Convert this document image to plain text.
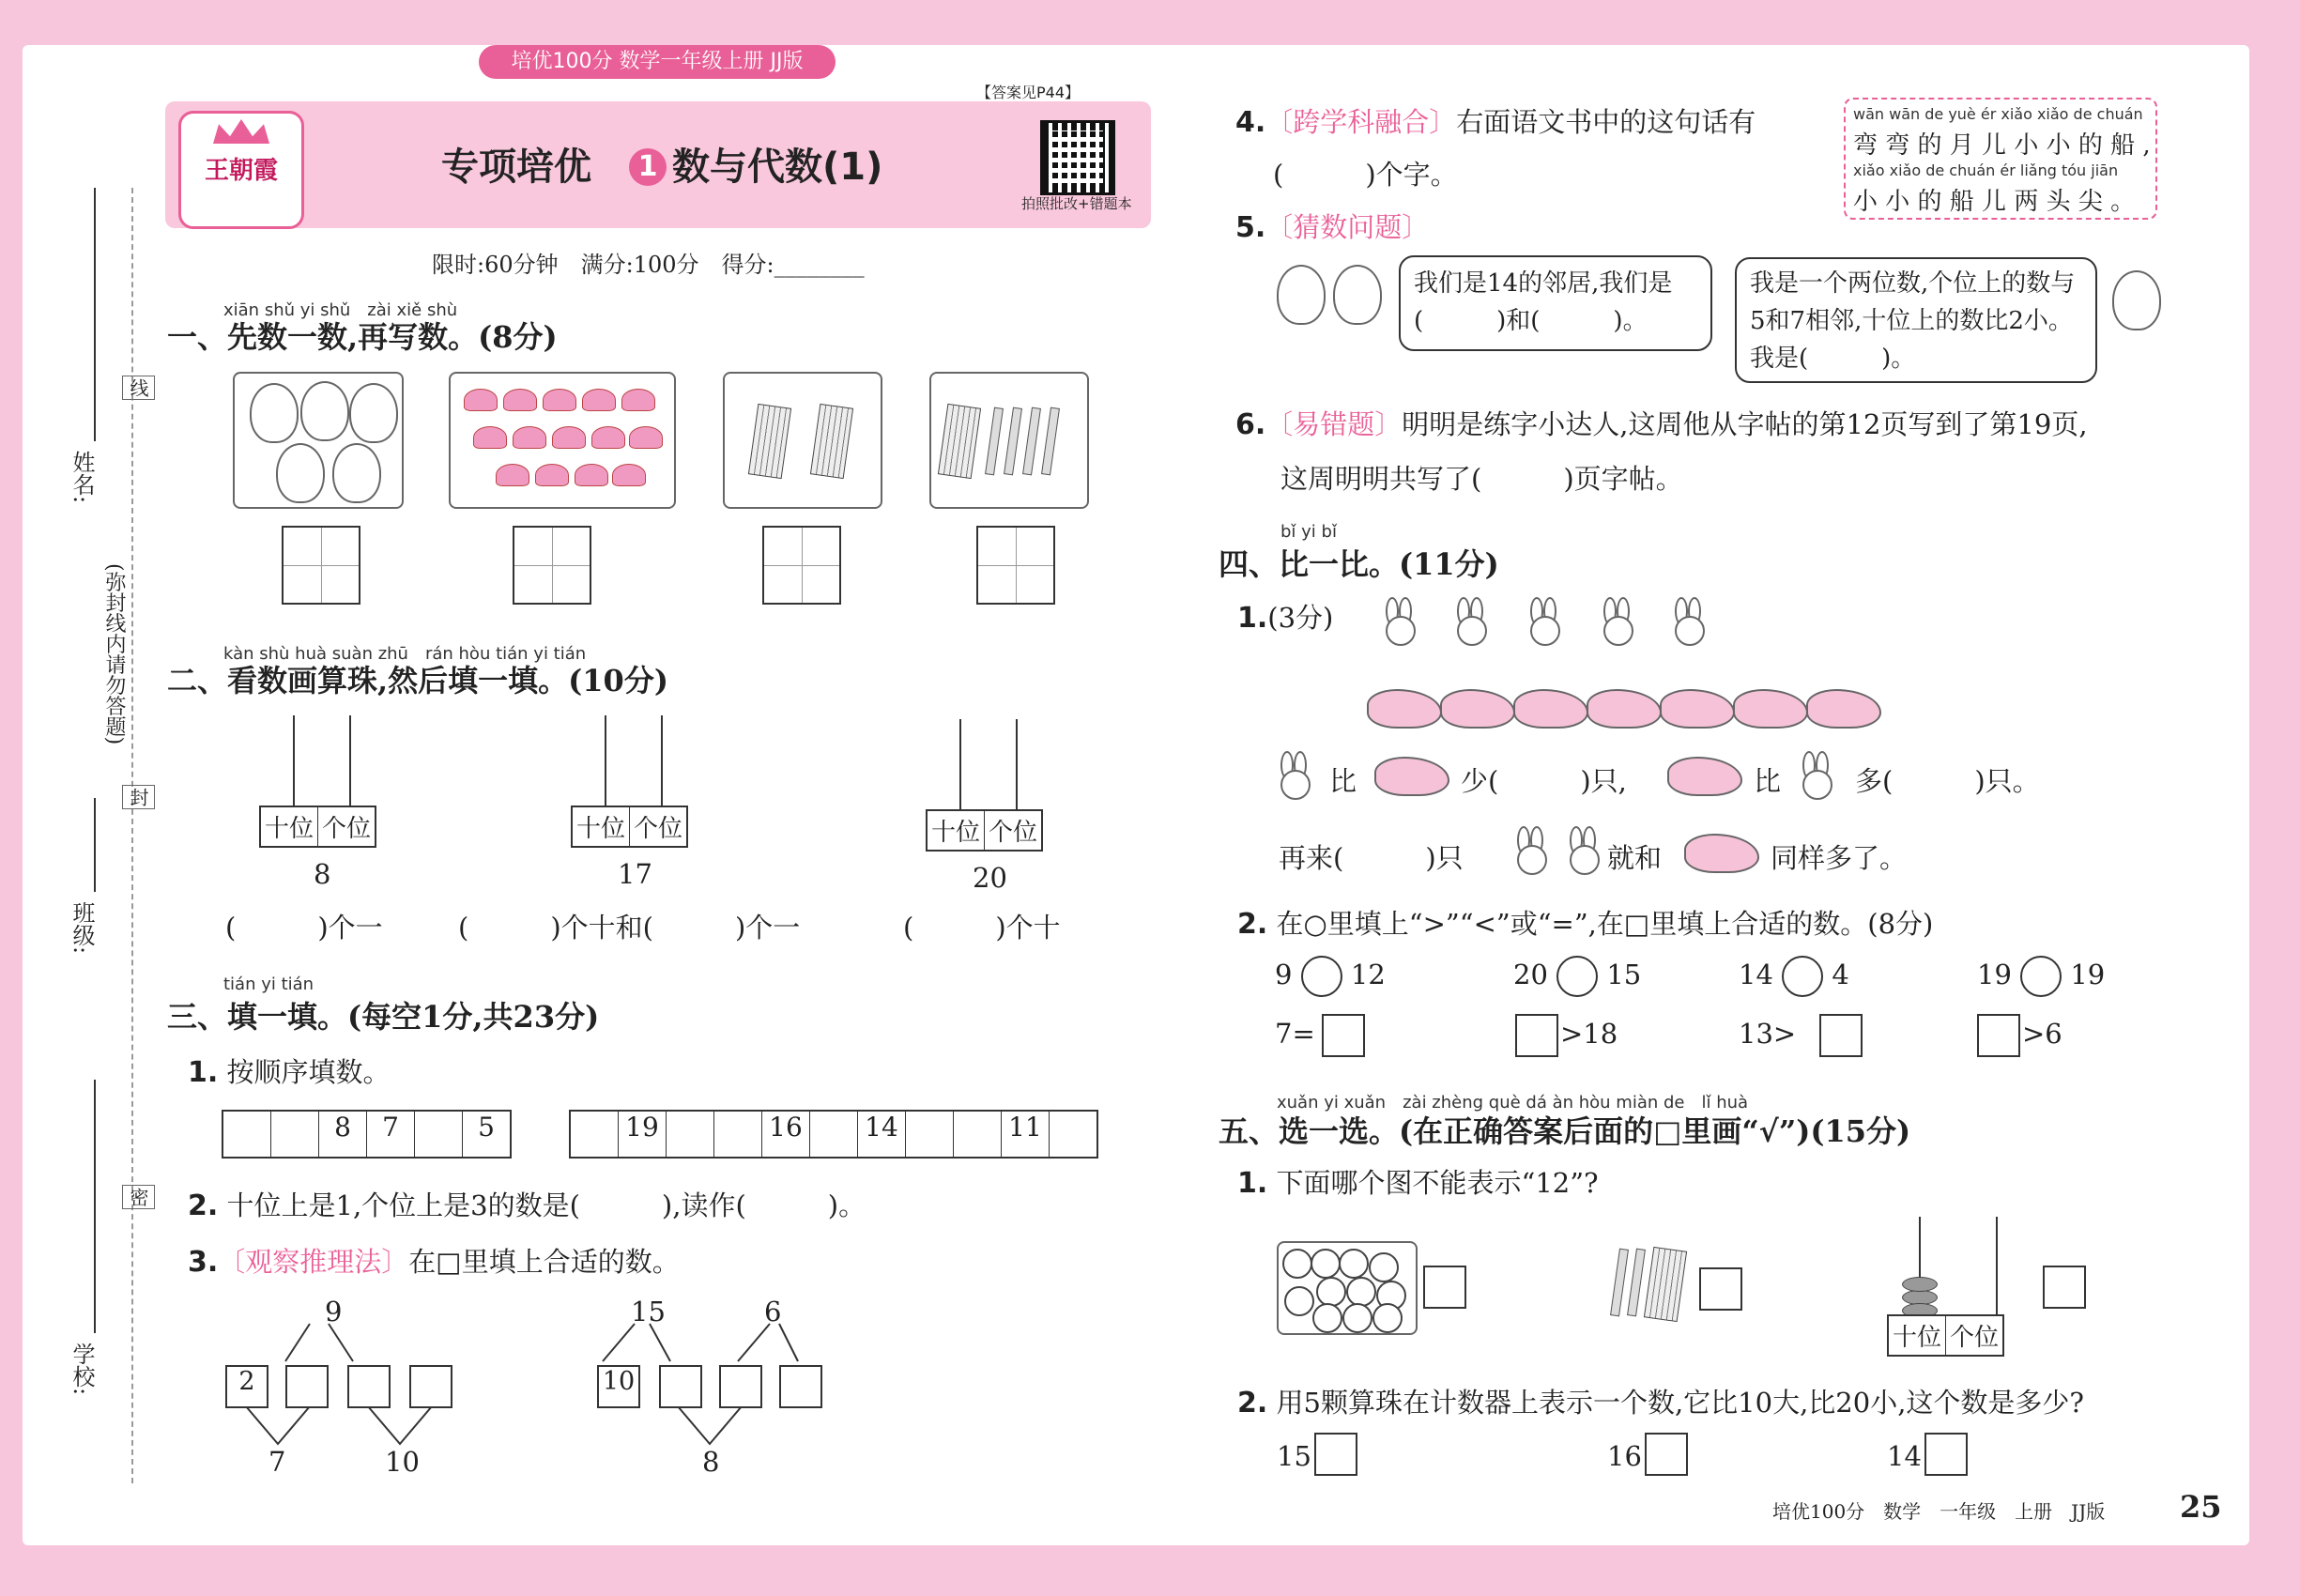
培优100分 数学一年级上册 JJ版
姓名:
线
(弥封线内请勿答题)
封
班级:
密
学校:
王朝霞	专项培优 1 数与代数(1)
【答案见P44】
拍照批改+错题本
限时:60分钟　满分:100分　得分:________
xiān shǔ yi shǔ　zài xiě shù
一、先数一数,再写数。(8分)
kàn shù huà suàn zhū　rán hòu tián yi tián
二、看数画算珠,然后填一填。(10分)
十位 个位
8
十位 个位
17
十位 个位
20
(　　　)个一	(　　　)个十和(　　　)个一	(　　　)个十
tián yi tián
三、填一填。(每空1分,共23分)
1. 按顺序填数。
8	7	5	19	16 14	11
2. 十位上是1,个位上是3的数是(　　　),读作(　　　)。
3.〔观察推理法〕在□里填上合适的数。
9
2
7	10
15	6
10
8
4.〔跨学科融合〕右面语文书中的这句话有
(　　　)个字。
wān wān de yuè ér xiǎo xiǎo de chuán
弯 弯 的 月 儿 小 小 的 船 ,
xiǎo xiǎo de chuán ér liǎng tóu jiān
小 小 的 船 儿 两 头 尖 。
5.〔猜数问题〕
我们是14的邻居,我们是(　　　)和(　　　)。
我是一个两位数,个位上的数与5和7相邻,十位上的数比2小。我是(　　　)。
6.〔易错题〕明明是练字小达人,这周他从字帖的第12页写到了第19页,
这周明明共写了(　　　)页字帖。
bǐ yi bǐ
四、比一比。(11分)
1.(3分)
比	少(　　　)只,	比	多(　　　)只。
再来(　　　)只	就和	同样多了。
2. 在○里填上“>”“<”或“=”,在□里填上合适的数。(8分)
9 12	20 15	14 4	19 19
7=	>18	13>	>6
xuǎn yi xuǎn　zài zhèng què dá àn hòu miàn de　lǐ huà
五、选一选。(在正确答案后面的□里画“√”)(15分)
1. 下面哪个图不能表示“12”?
十位 个位
2. 用5颗算珠在计数器上表示一个数,它比10大,比20小,这个数是多少?
15	16	14
培优100分　数学　一年级　上册　JJ版 25
